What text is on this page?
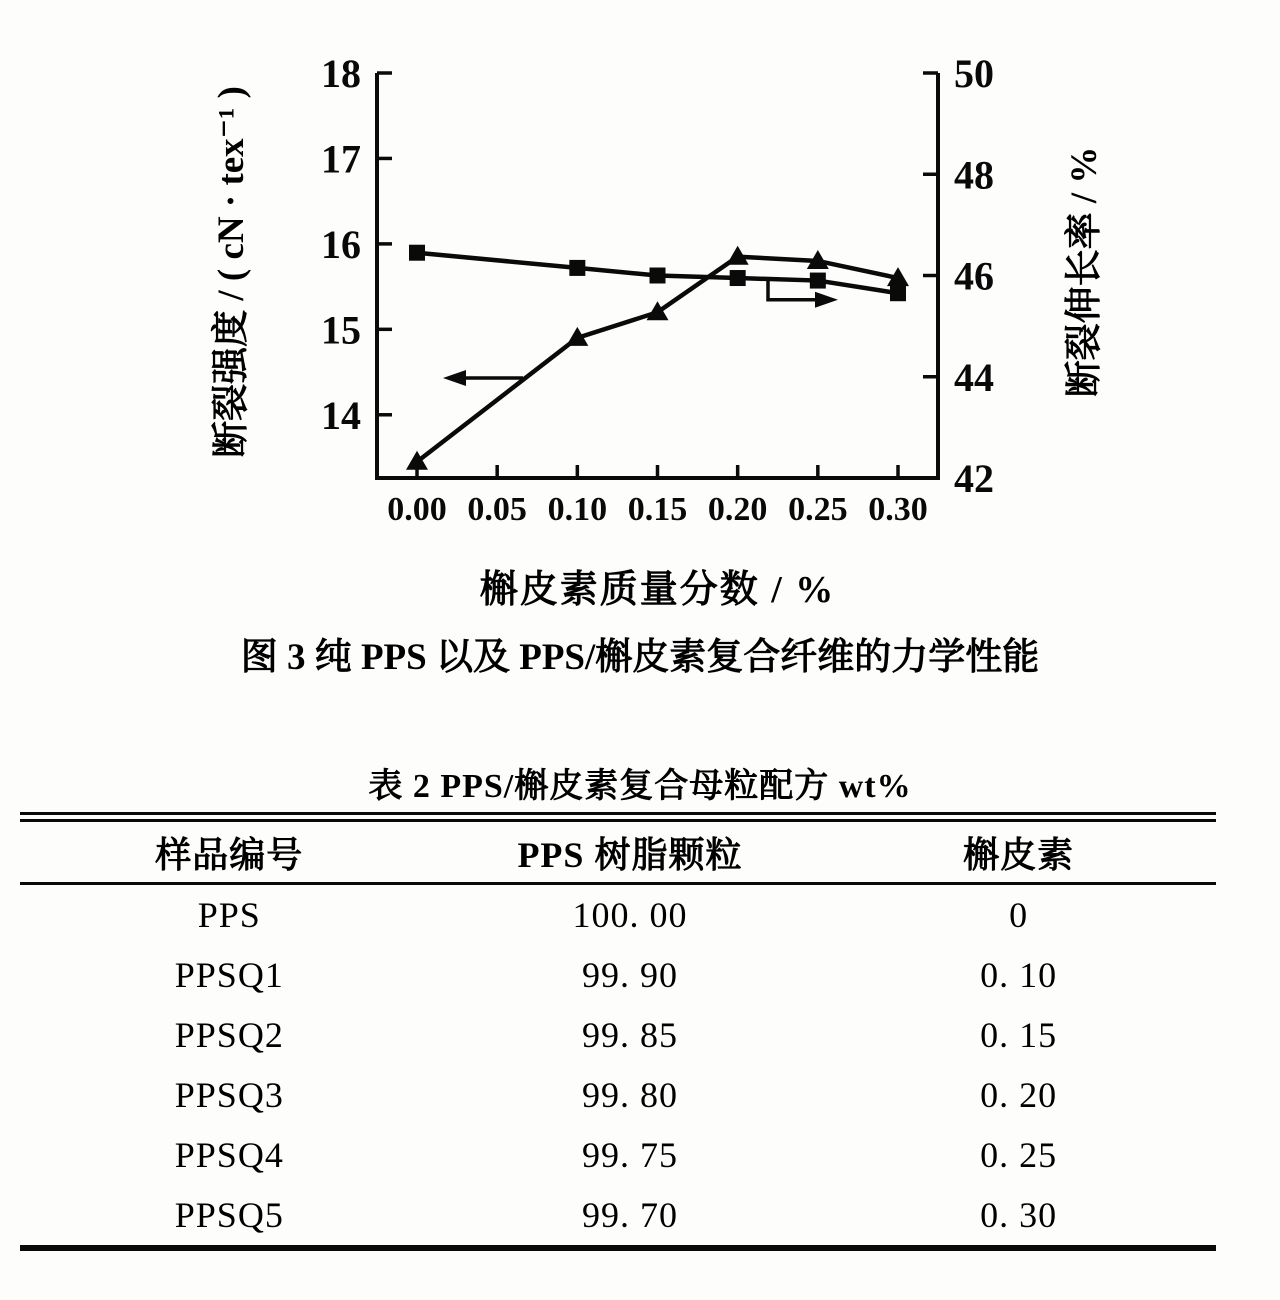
18
17
16
15
14
50
48
46
44
42
0.00 0.05 0.10 0.15 0.20 0.25 0.30
断裂强度 / ( cN · tex⁻¹ )	断裂伸长率 / %
槲皮素质量分数 / %
图 3 纯 PPS 以及 PPS/槲皮素复合纤维的力学性能
表 2 PPS/槲皮素复合母粒配方 wt%
样品编号	PPS 树脂颗粒	槲皮素
PPS	100. 00	0
PPSQ1	99. 90	0. 10
PPSQ2	99. 85	0. 15
PPSQ3	99. 80	0. 20
PPSQ4	99. 75	0. 25
PPSQ5	99. 70	0. 30
